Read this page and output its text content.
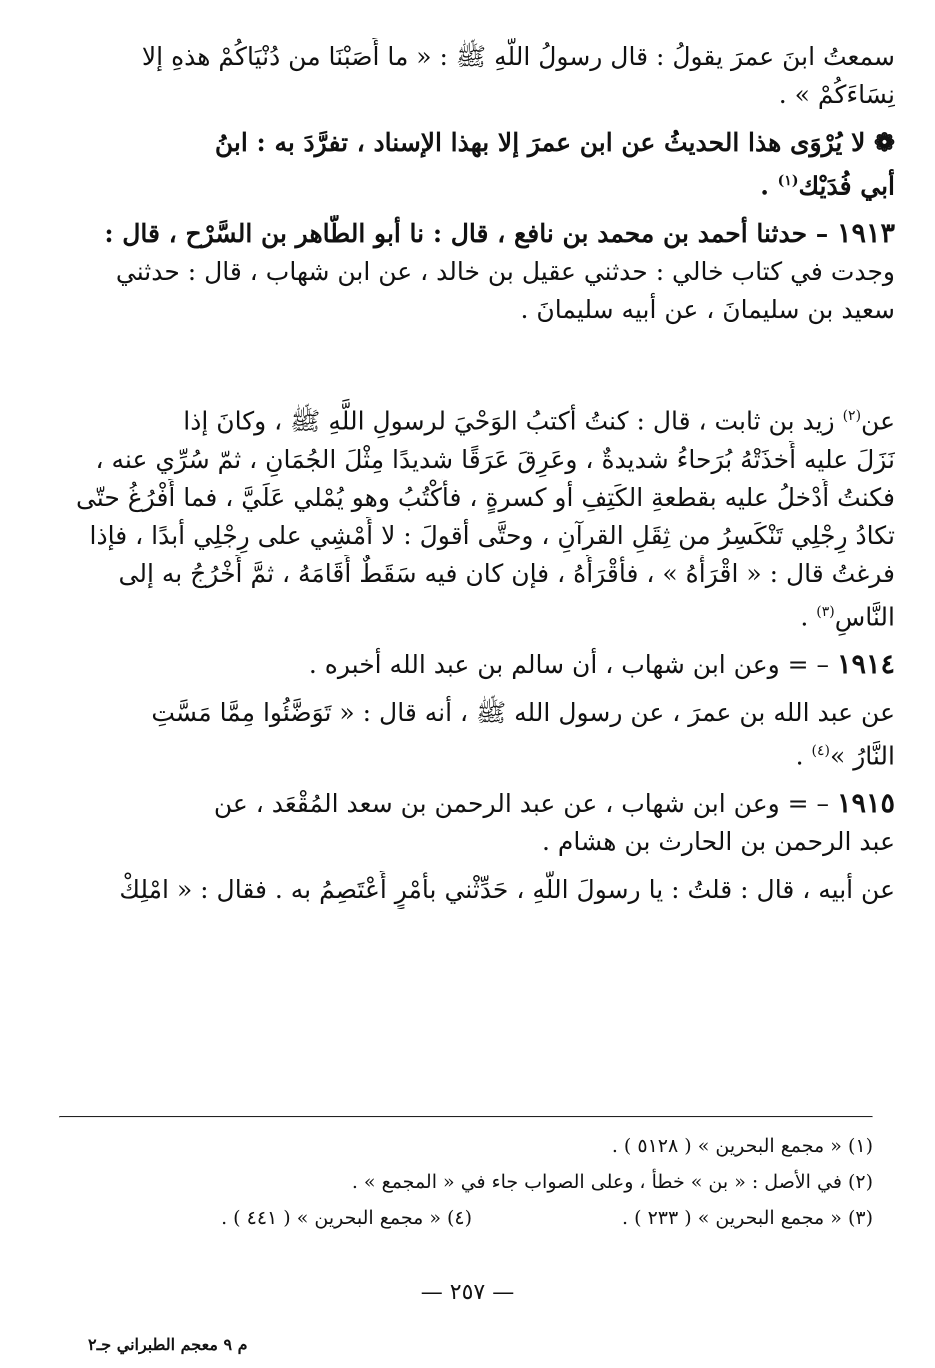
سمعتُ ابنَ عمرَ يقولُ : قال رسولُ اللَّهِ ﷺ : « ما أَصَبْنَا من دُنْيَاكُمْ هذهِ إلا

نِسَاءَكُمْ » .

❁ لا يُرْوَى هذا الحديثُ عن ابن عمرَ إلا بهذا الإسناد ، تفرَّدَ به : ابنُ

أبي فُدَيْك$^{(١)}$ .

١٩١٣ – حدثنا أحمد بن محمد بن نافع ، قال : نا أبو الطَّاهر بن السَّرْح ، قال :

وجدت في كتاب خالي : حدثني عقيل بن خالد ، عن ابن شهاب ، قال : حدثني

سعيد بن سليمانَ ، عن أبيه سليمانَ .

عن$^{(٢)}$ زيد بن ثابت ، قال : كنتُ أكتبُ الوَحْيَ لرسولِ اللَّهِ ﷺ ، وكانَ إذا

نَزَلَ عليه أَخذَتْهُ بُرَحاءُ شديدةٌ ، وعَرِقَ عَرَقًا شديدًا مِثْلَ الجُمَانِ ، ثمّ سُرِّي عنه ،

فكنتُ أُدْخلُ عليه بقطعةِ الكَتِفِ أو كسرةٍ ، فأَكْتُبُ وهو يُمْلي عَلَيَّ ، فما أَفْرُغُ حتّى

تكادُ رِجْلِي تَنْكَسِرُ من ثِقَلِ القرآنِ ، وحتَّى أقولَ : لا أَمْشِي على رِجْلِي أبدًا ، فإذا

فرغتُ قال : « اقْرَأْهُ » ، فأَقْرَأُهُ ، فإن كان فيه سَقَطٌ أَقَامَهُ ، ثمَّ أَخْرُجُ به إلى

النَّاسِ$^{(٣)}$ .

١٩١٤ – = وعن ابن شهاب ، أن سالم بن عبد الله أخبره .

عن عبد الله بن عمرَ ، عن رسول الله ﷺ ، أنه قال : « تَوَضَّئُوا مِمَّا مَسَّتِ

النَّارُ »$^{(٤)}$ .

١٩١٥ – = وعن ابن شهاب ، عن عبد الرحمن بن سعد المُقْعَد ، عن

عبد الرحمن بن الحارث بن هشام .

عن أبيه ، قال : قلتُ : يا رسولَ اللَّهِ ، حَدِّثْني بأَمْرٍ أَعْتَصِمُ به . فقال : « امْلِكْ

(١) « مجمع البحرين » ( ٥١٢٨ ) .
(٢) في الأصل : « بن » خطأ ، وعلى الصواب جاء في « المجمع » .
(٣) « مجمع البحرين » ( ٢٣٣ ) .(٤) « مجمع البحرين » ( ٤٤١ ) .
— ٢٥٧ —
م ٩ معجم الطبراني جـ٢
